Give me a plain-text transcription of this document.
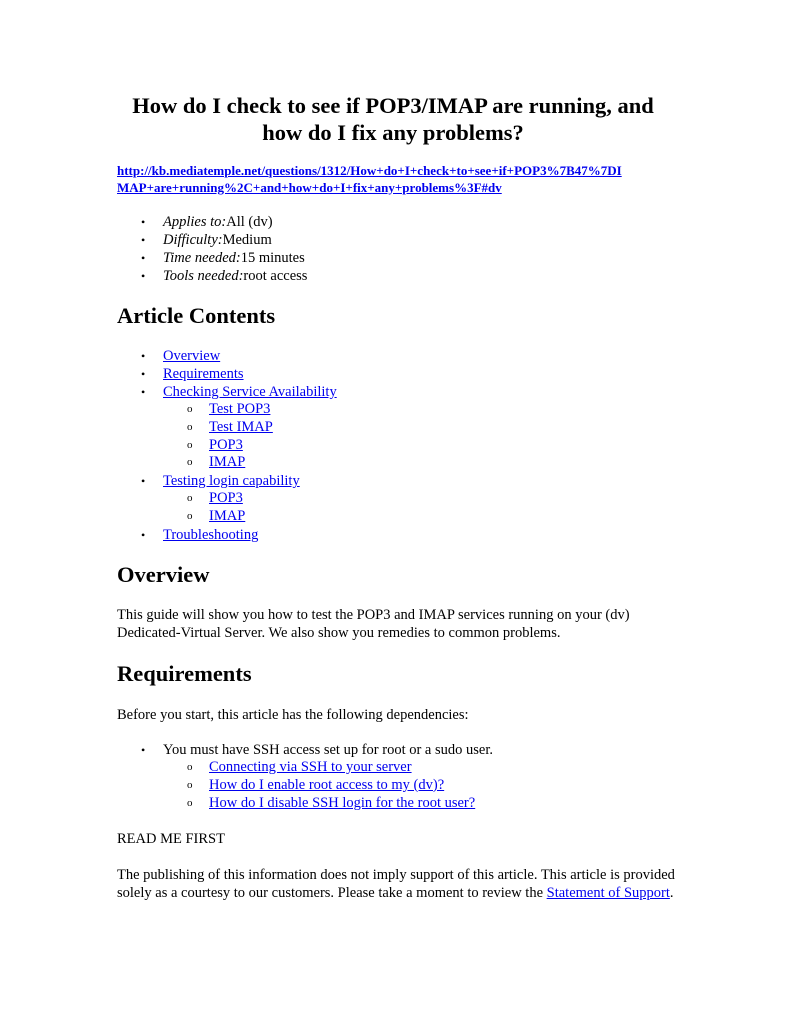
How do I check to see if POP3/IMAP are running, and how do I fix any problems?
http://kb.mediatemple.net/questions/1312/How+do+I+check+to+see+if+POP3%7B47%7DI
MAP+are+running%2C+and+how+do+I+fix+any+problems%3F#dv
• Applies to:All (dv)
• Difficulty:Medium
• Time needed:15 minutes
• Tools needed:root access
Article Contents
• Overview
• Requirements
• Checking Service Availability
o Test POP3
o Test IMAP
o POP3
o IMAP
• Testing login capability
o POP3
o IMAP
• Troubleshooting
Overview

This guide will show you how to test the POP3 and IMAP services running on your (dv) Dedicated-Virtual Server. We also show you remedies to common problems.

Requirements

Before you start, this article has the following dependencies:

• You must have SSH access set up for root or a sudo user.
o Connecting via SSH to your server
o How do I enable root access to my (dv)?
o How do I disable SSH login for the root user?

READ ME FIRST

The publishing of this information does not imply support of this article. This article is provided solely as a courtesy to our customers. Please take a moment to review the Statement of Support.
